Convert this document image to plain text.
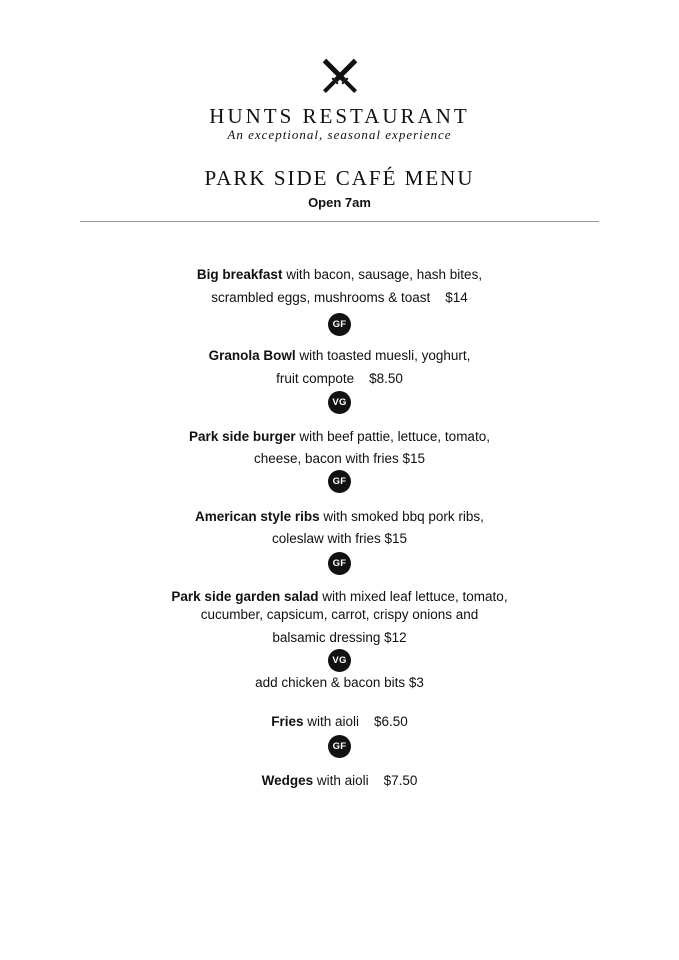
HUNTS RESTAURANT
An exceptional, seasonal experience
PARK SIDE CAFÉ MENU
Open 7am
Big breakfast with bacon, sausage, hash bites,
scrambled eggs, mushrooms & toast    $14
GF
Granola Bowl with toasted muesli, yoghurt,
fruit compote    $8.50
VG
Park side burger with beef pattie, lettuce, tomato,
cheese, bacon with fries $15
GF
American style ribs with smoked bbq pork ribs,
coleslaw with fries $15
GF
Park side garden salad with mixed leaf lettuce, tomato,
cucumber, capsicum, carrot, crispy onions and
balsamic dressing $12
VG
add chicken & bacon bits $3
Fries with aioli    $6.50
GF
Wedges with aioli    $7.50
